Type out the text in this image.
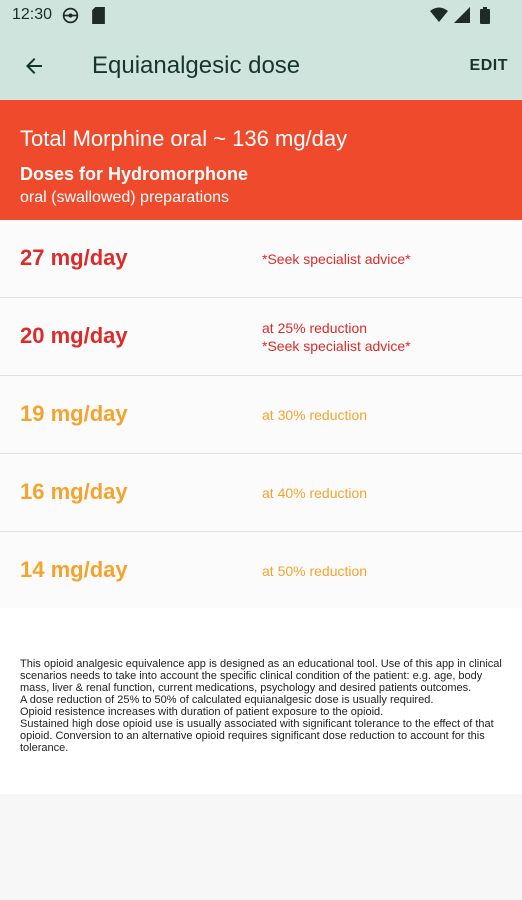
12:30
Equianalgesic dose	EDIT
Total Morphine oral ~ 136 mg/day
Doses for Hydromorphone
oral (swallowed) preparations
27 mg/day	*Seek specialist advice*
20 mg/day	at 25% reduction
*Seek specialist advice*
19 mg/day	at 30% reduction
16 mg/day	at 40% reduction
14 mg/day	at 50% reduction

This opioid analgesic equivalence app is designed as an educational tool. Use of this app in clinical scenarios needs to take into account the specific clinical condition of the patient: e.g. age, body mass, liver & renal function, current medications, psychology and desired patients outcomes.
A dose reduction of 25% to 50% of calculated equianalgesic dose is usually required.
Opioid resistence increases with duration of patient exposure to the opioid.
Sustained high dose opioid use is usually associated with significant tolerance to the effect of that opioid. Conversion to an alternative opioid requires significant dose reduction to account for this tolerance.
